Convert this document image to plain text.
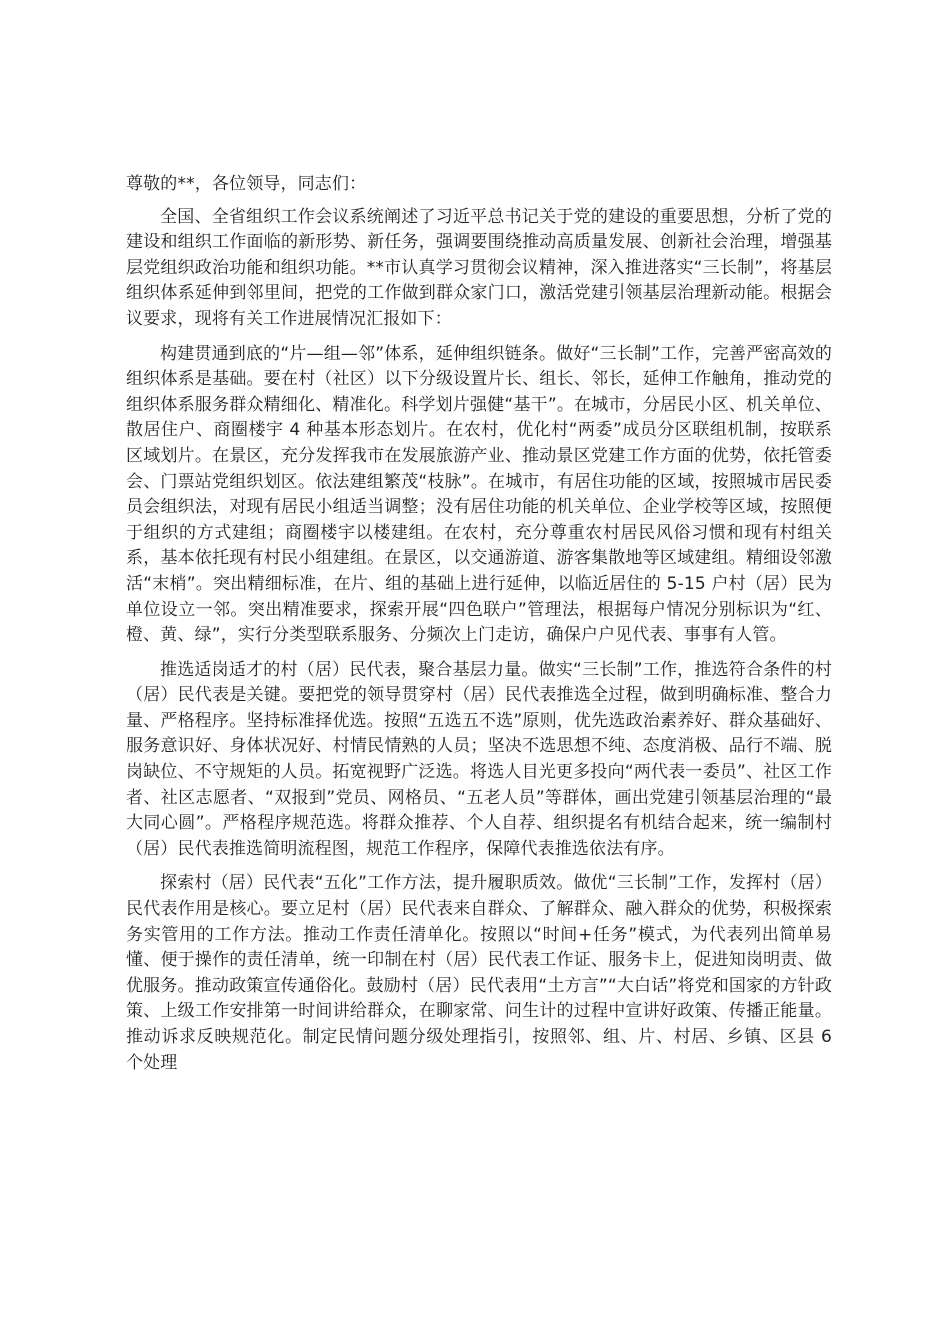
尊敬的**，各位领导，同志们：

全国、全省组织工作会议系统阐述了习近平总书记关于党的建设的重要思想，分析了党的建设和组织工作面临的新形势、新任务，强调要围绕推动高质量发展、创新社会治理，增强基层党组织政治功能和组织功能。**市认真学习贯彻会议精神，深入推进落实“三长制”，将基层组织体系延伸到邻里间，把党的工作做到群众家门口，激活党建引领基层治理新动能。根据会议要求，现将有关工作进展情况汇报如下：

构建贯通到底的“片—组—邻”体系，延伸组织链条。做好“三长制”工作，完善严密高效的组织体系是基础。要在村（社区）以下分级设置片长、组长、邻长，延伸工作触角，推动党的组织体系服务群众精细化、精准化。科学划片强健“基干”。在城市，分居民小区、机关单位、散居住户、商圈楼宇 4 种基本形态划片。在农村，优化村“两委”成员分区联组机制，按联系区域划片。在景区，充分发挥我市在发展旅游产业、推动景区党建工作方面的优势，依托管委会、门票站党组织划区。依法建组繁茂“枝脉”。在城市，有居住功能的区域，按照城市居民委员会组织法，对现有居民小组适当调整；没有居住功能的机关单位、企业学校等区域，按照便于组织的方式建组；商圈楼宇以楼建组。在农村，充分尊重农村居民风俗习惯和现有村组关系，基本依托现有村民小组建组。在景区，以交通游道、游客集散地等区域建组。精细设邻激活“末梢”。突出精细标准，在片、组的基础上进行延伸，以临近居住的 5-15 户村（居）民为单位设立一邻。突出精准要求，探索开展“四色联户”管理法，根据每户情况分别标识为“红、橙、黄、绿”，实行分类型联系服务、分频次上门走访，确保户户见代表、事事有人管。

推选适岗适才的村（居）民代表，聚合基层力量。做实“三长制”工作，推选符合条件的村（居）民代表是关键。要把党的领导贯穿村（居）民代表推选全过程，做到明确标准、整合力量、严格程序。坚持标准择优选。按照“五选五不选”原则，优先选政治素养好、群众基础好、服务意识好、身体状况好、村情民情熟的人员；坚决不选思想不纯、态度消极、品行不端、脱岗缺位、不守规矩的人员。拓宽视野广泛选。将选人目光更多投向“两代表一委员”、社区工作者、社区志愿者、“双报到”党员、网格员、“五老人员”等群体，画出党建引领基层治理的“最大同心圆”。严格程序规范选。将群众推荐、个人自荐、组织提名有机结合起来，统一编制村（居）民代表推选简明流程图，规范工作程序，保障代表推选依法有序。

探索村（居）民代表“五化”工作方法，提升履职质效。做优“三长制”工作，发挥村（居）民代表作用是核心。要立足村（居）民代表来自群众、了解群众、融入群众的优势，积极探索务实管用的工作方法。推动工作责任清单化。按照以“时间+任务”模式，为代表列出简单易懂、便于操作的责任清单，统一印制在村（居）民代表工作证、服务卡上，促进知岗明责、做优服务。推动政策宣传通俗化。鼓励村（居）民代表用“土方言”“大白话”将党和国家的方针政策、上级工作安排第一时间讲给群众，在聊家常、问生计的过程中宣讲好政策、传播正能量。推动诉求反映规范化。制定民情问题分级处理指引，按照邻、组、片、村居、乡镇、区县 6 个处理
